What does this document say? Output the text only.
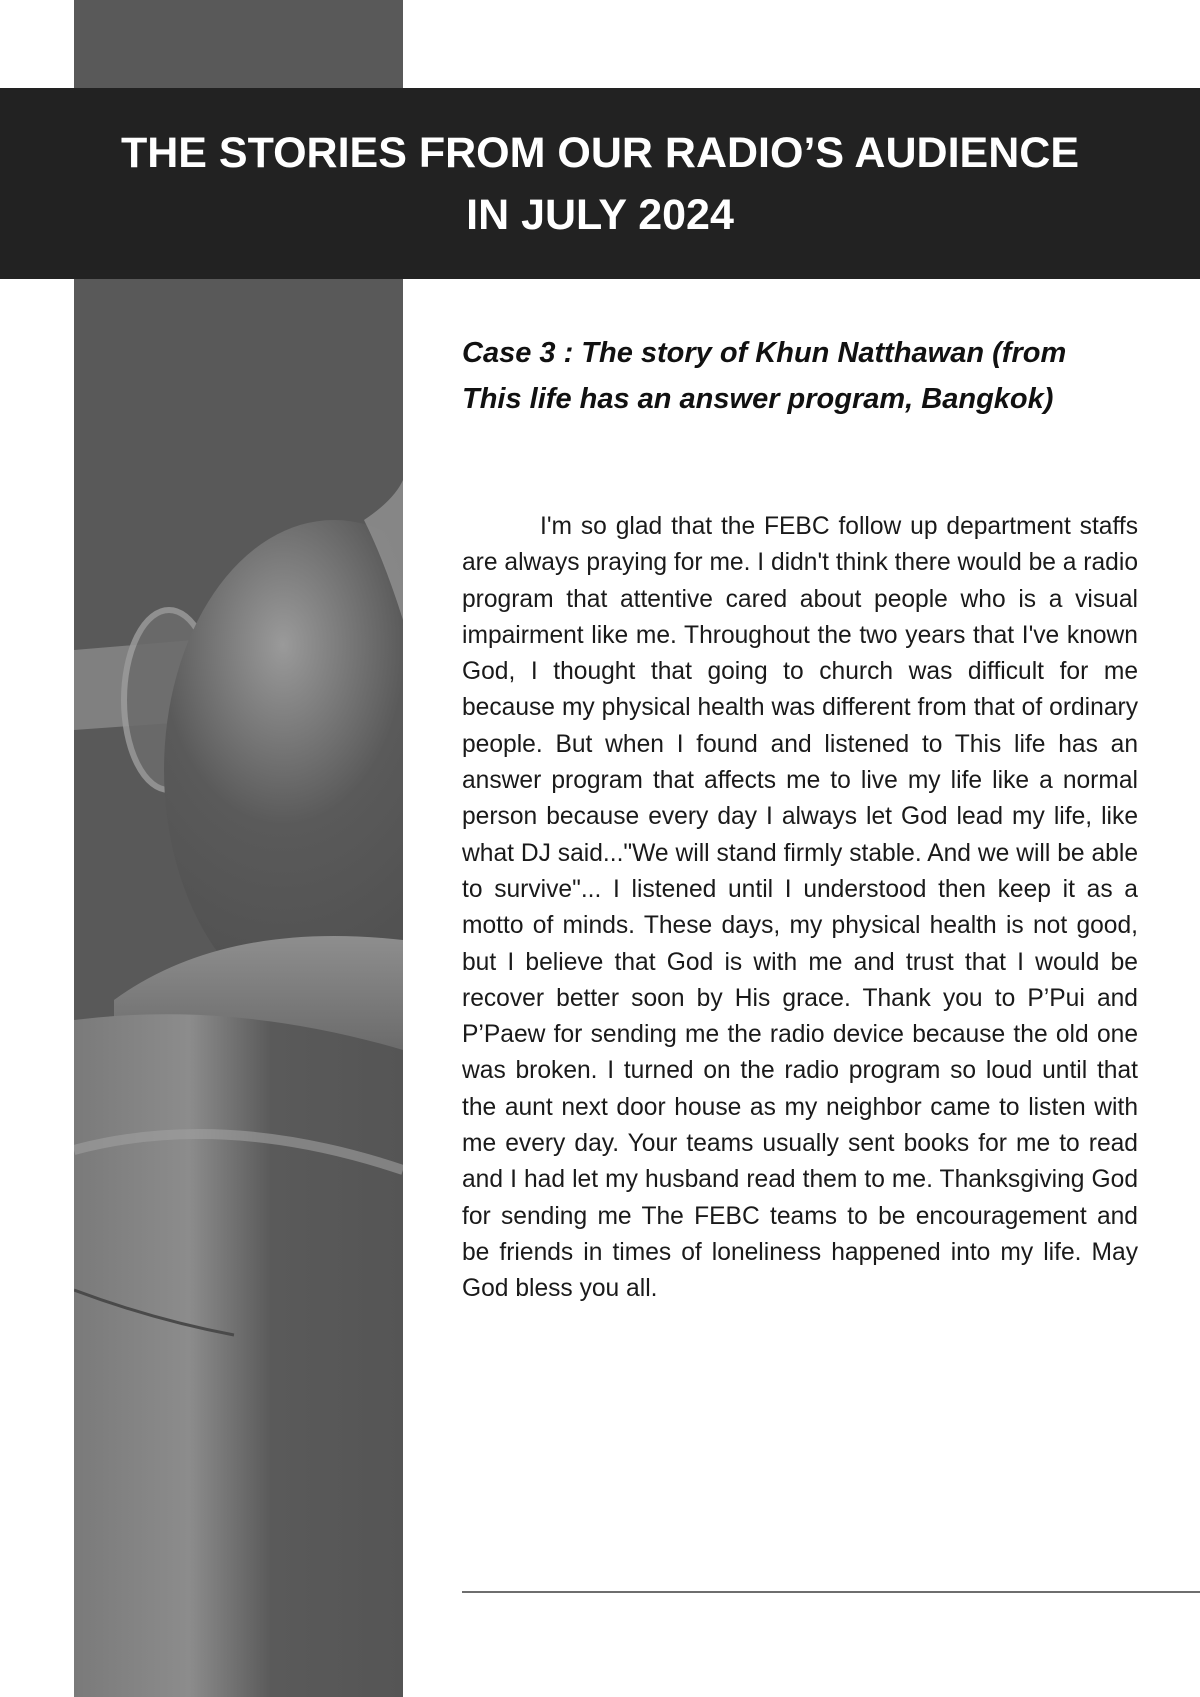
THE STORIES FROM OUR RADIO’S AUDIENCE
IN JULY 2024
Case 3 : The story of Khun Natthawan (from
This life has an answer program, Bangkok)

I'm so glad that the FEBC follow up department staffs are always praying for me. I didn't think there would be a radio program that attentive cared about people who is a visual impairment like me. Throughout the two years that I've known God, I thought that going to church was difficult for me because my physical health was different from that of ordinary people. But when I found and listened to This life has an answer program that affects me to live my life like a normal person because every day I always let God lead my life, like what DJ said..."We will stand firmly stable. And we will be able to survive"... I listened until I understood then keep it as a motto of minds. These days, my physical health is not good, but I believe that God is with me and trust that I would be recover better soon by His grace. Thank you to P’Pui and P’Paew for sending me the radio device because the old one was broken. I turned on the radio program so loud until that the aunt next door house as my neighbor came to listen with me every day. Your teams usually sent books for me to read and I had let my husband read them to me. Thanksgiving God for sending me The FEBC teams to be encouragement and be friends in times of loneliness happened into my life. May God bless you all.
